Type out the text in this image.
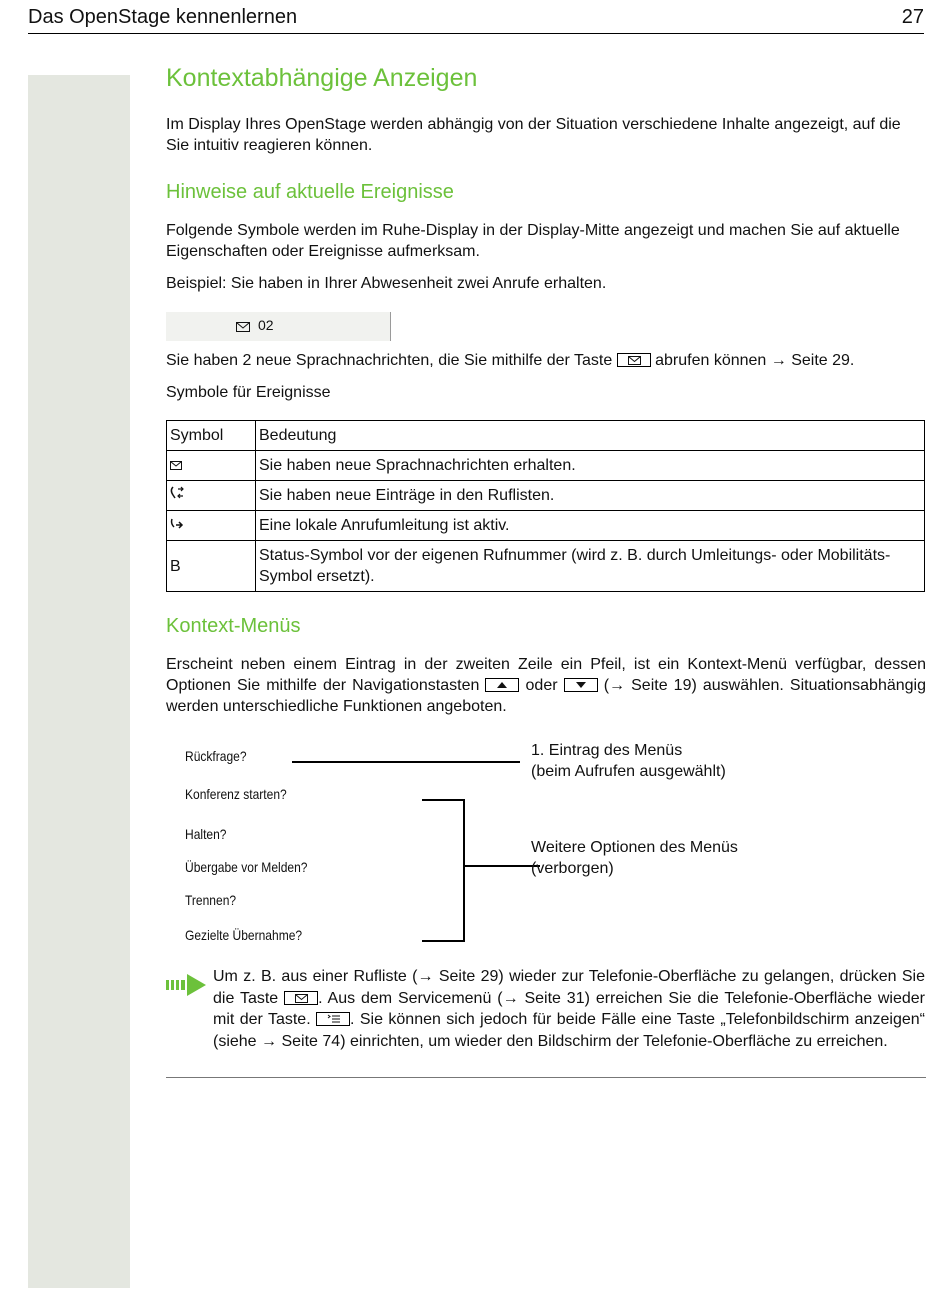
Das OpenStage kennenlernen	27
Kontextabhängige Anzeigen

Im Display Ihres OpenStage werden abhängig von der Situation verschiedene Inhalte angezeigt, auf die Sie intuitiv reagieren können.

Hinweise auf aktuelle Ereignisse

Folgende Symbole werden im Ruhe-Display in der Display-Mitte angezeigt und machen Sie auf aktuelle Eigenschaften oder Ereignisse aufmerksam.

Beispiel: Sie haben in Ihrer Abwesenheit zwei Anrufe erhalten.

02
Sie haben 2 neue Sprachnachrichten, die Sie mithilfe der Taste
abrufen können → Seite 29.

Symbole für Ereignisse

Symbol	Bedeutung
	Sie haben neue Sprachnachrichten erhalten.
	Sie haben neue Einträge in den Ruflisten.
	Eine lokale Anrufumleitung ist aktiv.
B	Status-Symbol vor der eigenen Rufnummer (wird z. B. durch Umleitungs- oder Mobilitäts-Symbol ersetzt).
Kontext-Menüs
Erscheint neben einem Eintrag in der zweiten Zeile ein Pfeil, ist ein Kontext-Menü verfügbar, dessen Optionen Sie mithilfe der Navigationstasten
oder
(→ Seite 19) auswählen. Situationsabhängig werden unterschiedliche Funktionen angeboten.
Rückfrage?
Konferenz starten?
Halten?
Übergabe vor Melden?
Trennen?
Gezielte Übernahme?
1. Eintrag des Menüs
(beim Aufrufen ausgewählt)
Weitere Optionen des Menüs
(verborgen)
Um z. B. aus einer Rufliste (→ Seite 29) wieder zur Telefonie-Oberfläche zu gelangen, drücken Sie die Taste
. Aus dem Servicemenü (→ Seite 31) erreichen Sie die Telefonie-Oberfläche wieder mit der Taste.
. Sie können sich jedoch für beide Fälle eine Taste „Telefonbildschirm anzeigen“ (siehe → Seite 74) einrichten, um wieder den Bildschirm der Telefonie-Oberfläche zu erreichen.
